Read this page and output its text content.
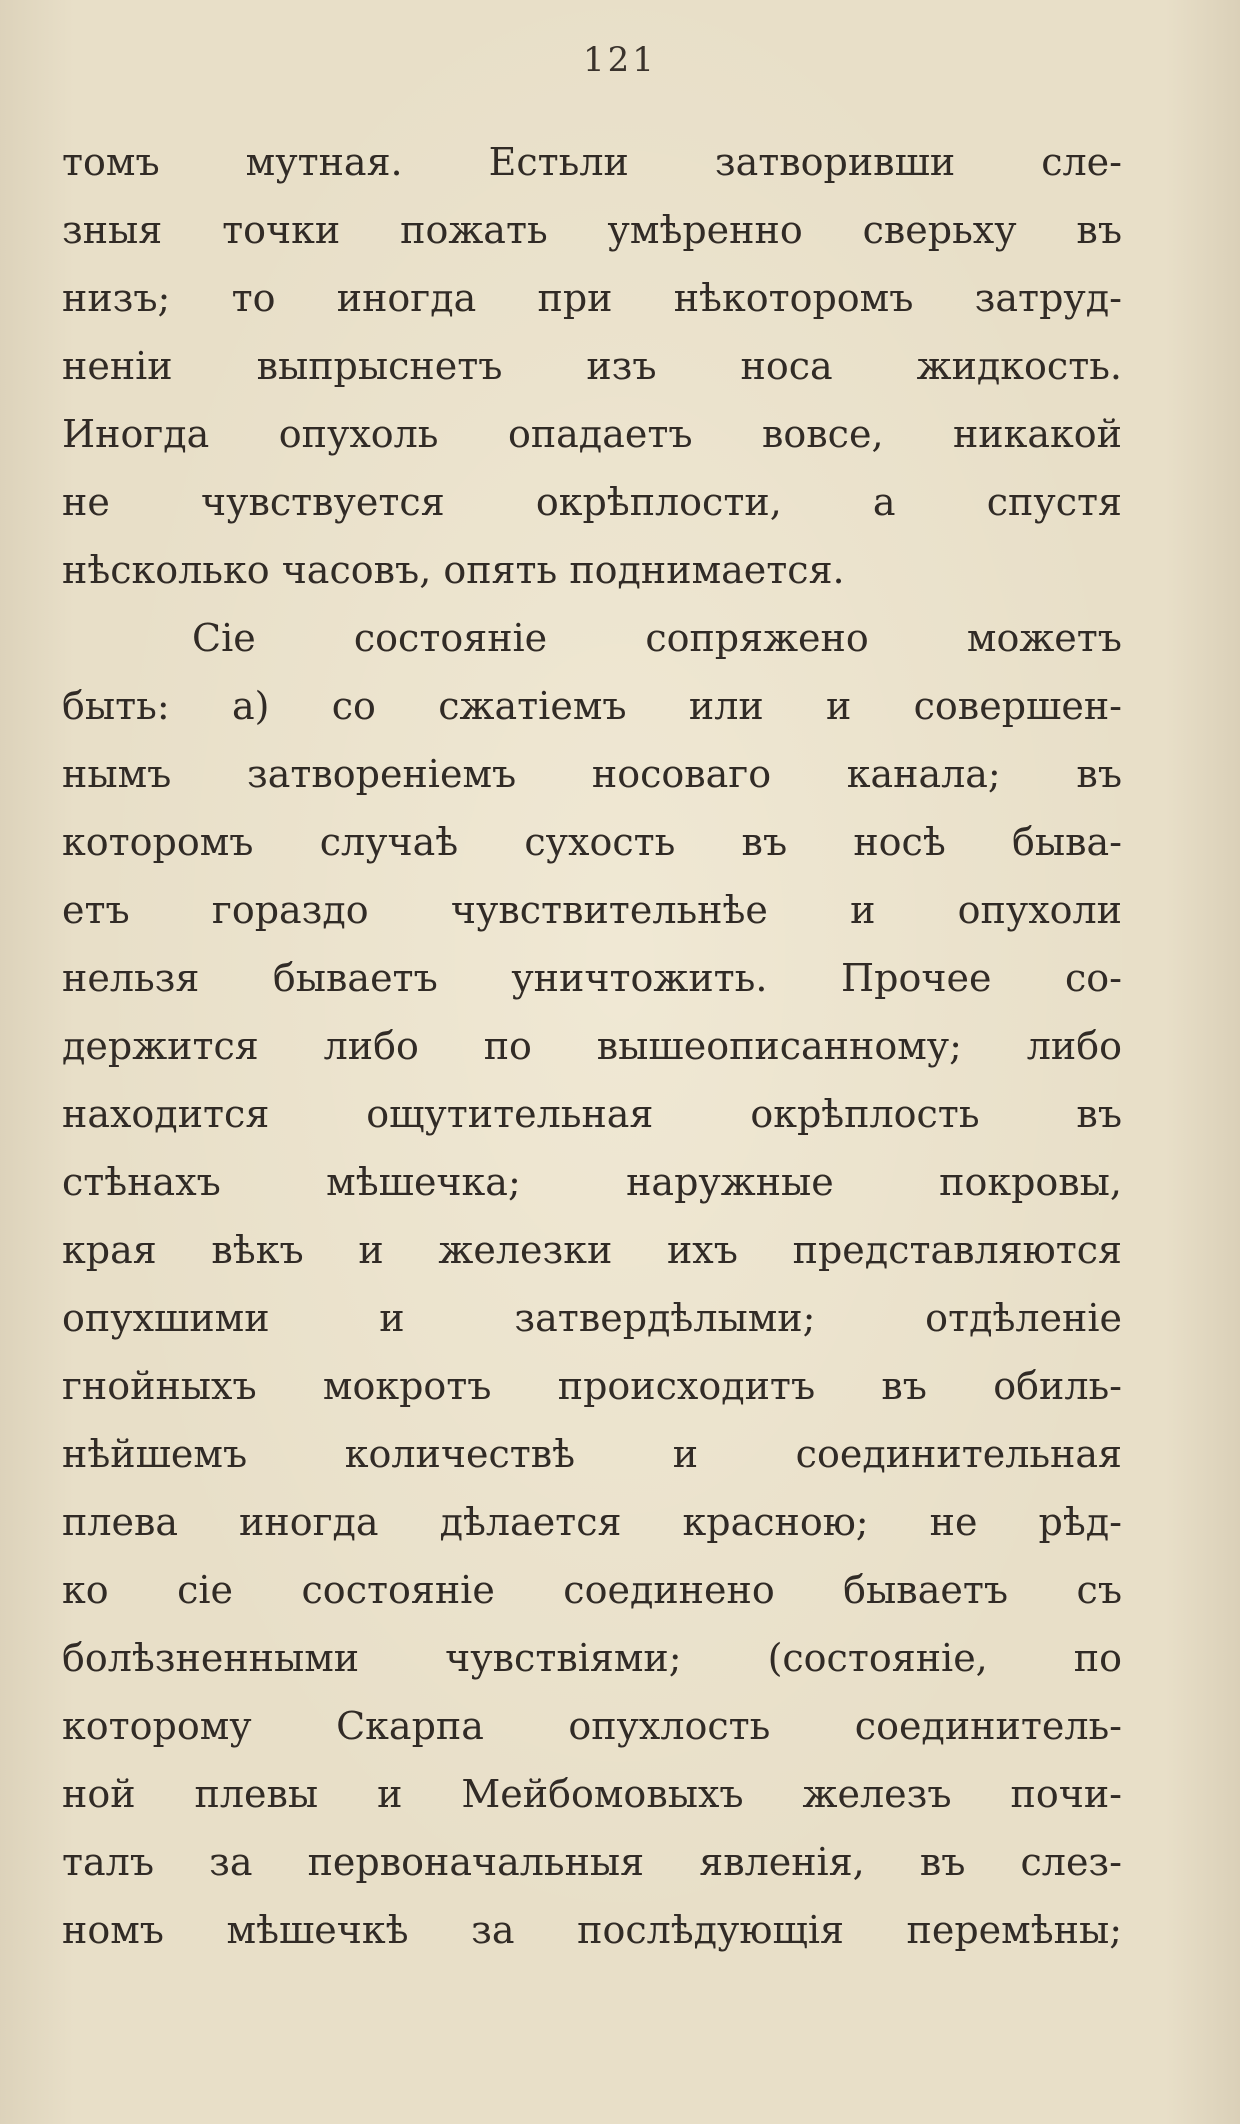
121
томъ мутная. Естьли затворивши сле-
зныя точки пожать умѣренно сверьху въ
низъ; то иногда при нѣкоторомъ затруд-
неніи выпрыснетъ изъ носа жидкость.
Иногда опухоль опадаетъ вовсе, никакой
не чувствуется окрѣплости, а спустя
нѣсколько часовъ, опять поднимается.
Сіе состояніе сопряжено можетъ
быть: а) со сжатіемъ или и совершен-
нымъ затвореніемъ носоваго канала; въ
которомъ случаѣ сухость въ носѣ быва-
етъ гораздо чувствительнѣе и опухоли
нельзя бываетъ уничтожить. Прочее со-
держится либо по вышеописанному; либо
находится ощутительная окрѣплость въ
стѣнахъ мѣшечка; наружные покровы,
края вѣкъ и железки ихъ представляются
опухшими и затвердѣлыми; отдѣленіе
гнойныхъ мокротъ происходитъ въ обиль-
нѣйшемъ количествѣ и соединительная
плева иногда дѣлается красною; не рѣд-
ко сіе состояніе соединено бываетъ съ
болѣзненными чувствіями; (состояніе, по
которому Скарпа опухлость соединитель-
ной плевы и Мейбомовыхъ железъ почи-
талъ за первоначальныя явленія, въ слез-
номъ мѣшечкѣ за послѣдующія перемѣны;
